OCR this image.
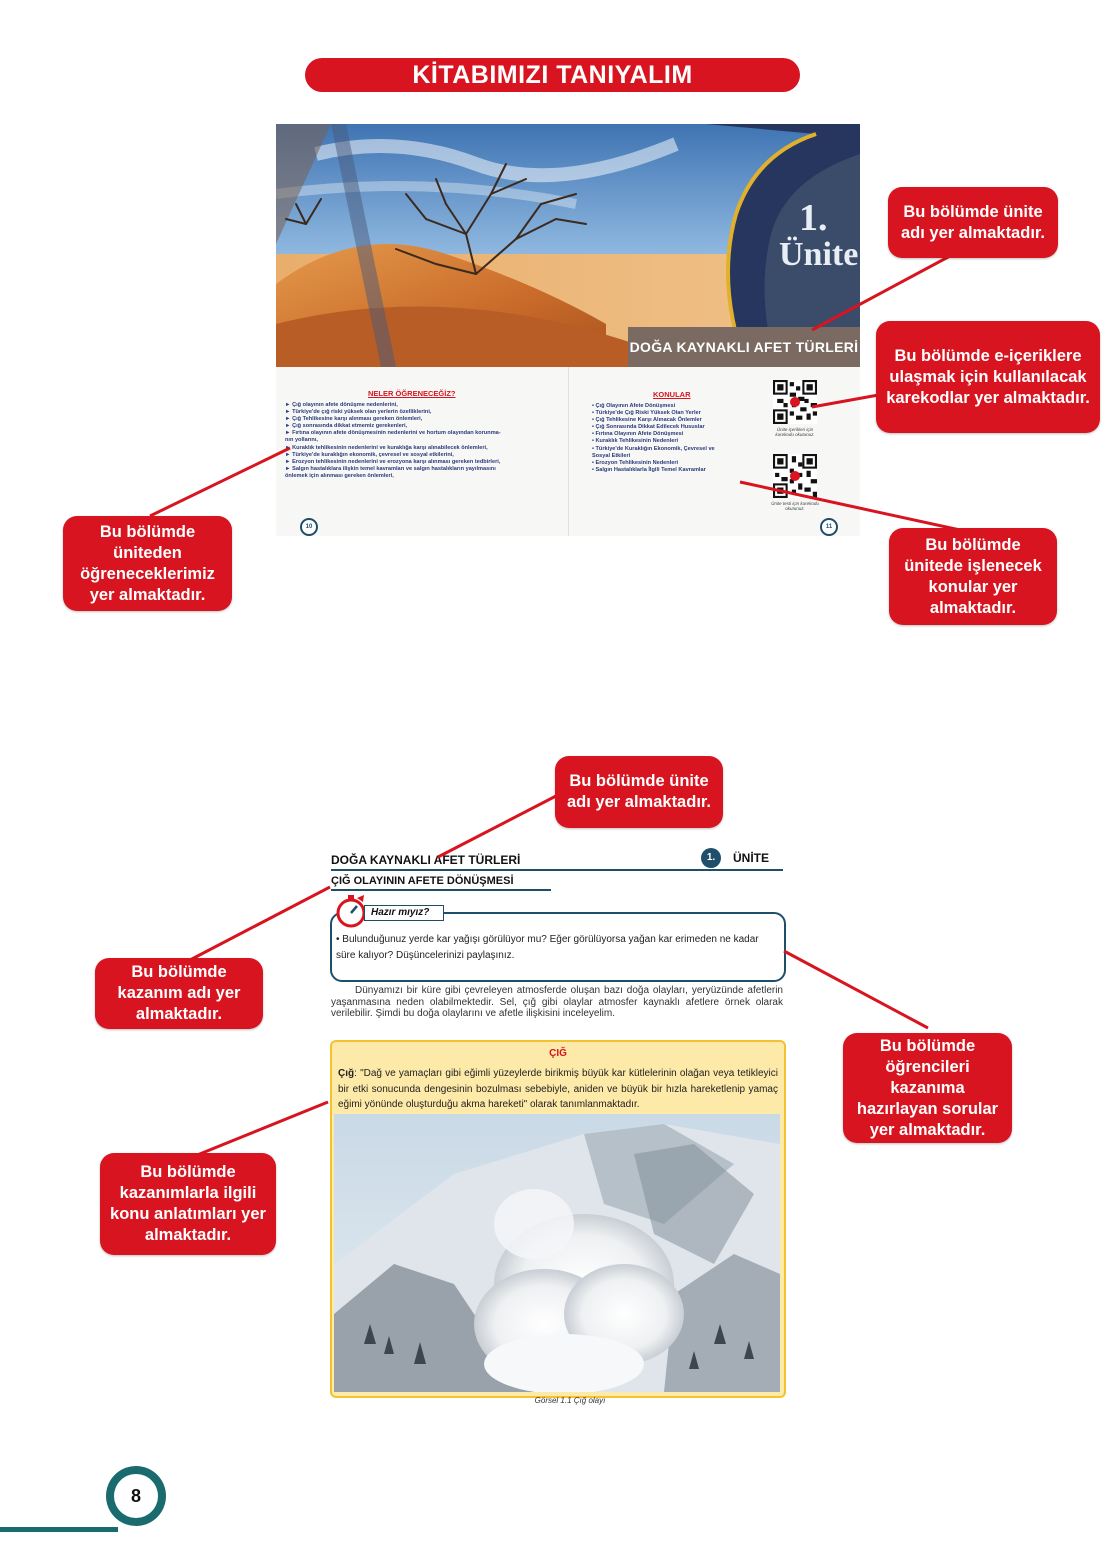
KİTABIMIZI TANIYALIM
1.
Ünite
DOĞA KAYNAKLI AFET TÜRLERİ
NELER ÖĞRENECEĞİZ?
► Çığ olayının afete dönüşme nedenlerini,
► Türkiye'de çığ riski yüksek olan yerlerin özelliklerini,
► Çığ Tehlikesine karşı alınması gereken önlemleri,
► Çığ sonrasında dikkat etmemiz gerekenleri,
► Fırtına olayının afete dönüşmesinin nedenlerini ve hortum olayından korunma-
nın yollarını,
► Kuraklık tehlikesinin nedenlerini ve kuraklığa karşı alınabilecek önlemleri,
► Türkiye'de kuraklığın ekonomik, çevresel ve sosyal etkilerini,
► Erozyon tehlikesinin nedenlerini ve erozyona karşı alınması gereken tedbirleri,
► Salgın hastalıklara ilişkin temel kavramları ve salgın hastalıkların yayılmasını
önlemek için alınması gereken önlemleri,
KONULAR
• Çığ Olayının Afete Dönüşmesi
• Türkiye'de Çığ Riski Yüksek Olan Yerler
• Çığ Tehlikesine Karşı Alınacak Önlemler
• Çığ Sonrasında Dikkat Edilecek Hususlar
• Fırtına Olayının Afete Dönüşmesi
• Kuraklık Tehlikesinin Nedenleri
• Türkiye'de Kuraklığın Ekonomik, Çevresel ve
Sosyal Etkileri
• Erozyon Tehlikesinin Nedenleri
• Salgın Hastalıklarla İlgili Temel Kavramlar
Ünite içerikleri için karekodu okutunuz.
Ünite testi için karekodu okutunuz.
10	11
DOĞA KAYNAKLI AFET TÜRLERİ	1.	ÜNİTE
ÇIĞ OLAYININ AFETE DÖNÜŞMESİ
Hazır mıyız?
• Bulunduğunuz yerde kar yağışı görülüyor mu? Eğer görülüyorsa yağan kar erimeden ne kadar süre kalıyor? Düşüncelerinizi paylaşınız.
Dünyamızı bir küre gibi çevreleyen atmosferde oluşan bazı doğa olayları, yeryüzünde afetlerin yaşanmasına neden olabilmektedir. Sel, çığ gibi olaylar atmosfer kaynaklı afetlere örnek olarak verilebilir. Şimdi bu doğa olaylarını ve afetle ilişkisini inceleyelim.
ÇIĞ
Çığ: "Dağ ve yamaçları gibi eğimli yüzeylerde birikmiş büyük kar kütlelerinin olağan veya tetikleyici bir etki sonucunda dengesinin bozulması sebebiyle, aniden ve büyük bir hızla hareketlenip yamaç eğimi yönünde oluşturduğu akma hareketi" olarak tanımlanmaktadır.
Görsel 1.1 Çığ olayı
Bu bölümde ünite adı yer almaktadır.
Bu bölümde e-içeriklere ulaşmak için kullanılacak karekodlar yer almaktadır.
Bu bölümde üniteden öğreneceklerimiz yer almaktadır.
Bu bölümde ünitede işlenecek konular yer almaktadır.
Bu bölümde ünite adı yer almaktadır.
Bu bölümde kazanım adı yer almaktadır.
Bu bölümde öğrencileri kazanıma hazırlayan sorular yer almaktadır.
Bu bölümde kazanımlarla ilgili konu anlatımları yer almaktadır.
8
